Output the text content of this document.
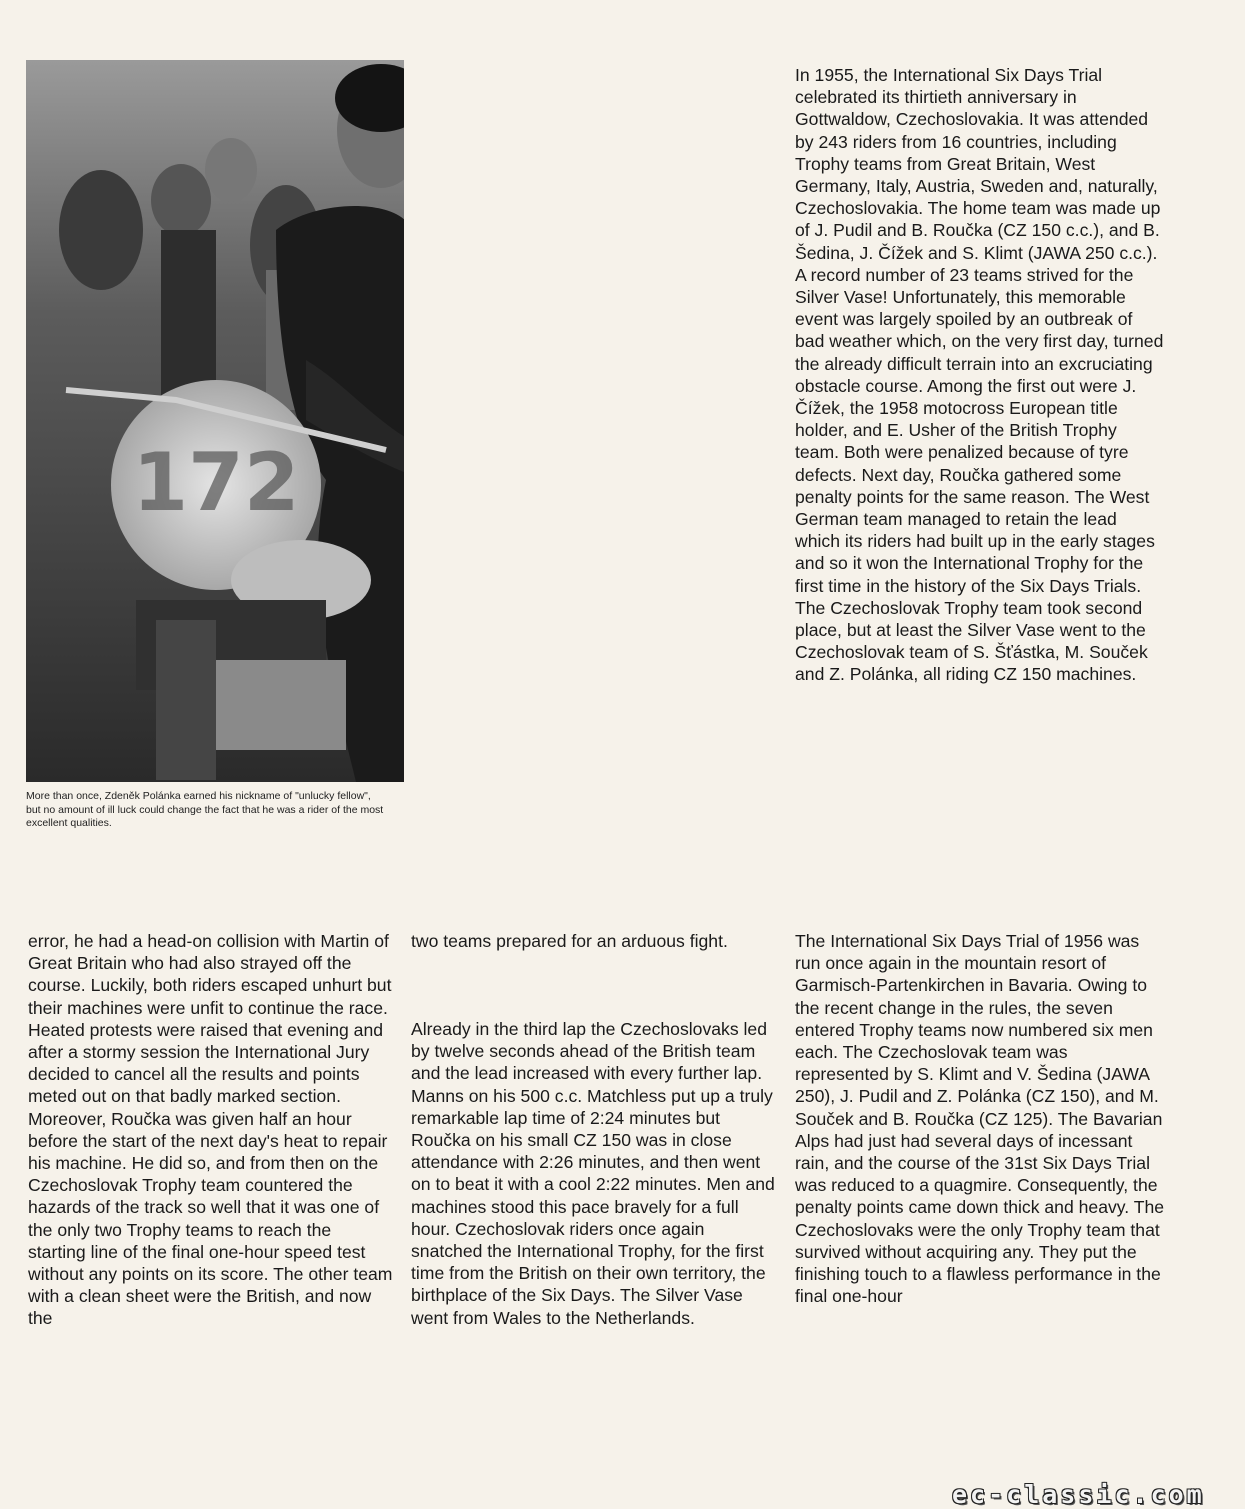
172
More than once, Zdeněk Polánka earned his nickname of "unlucky fellow", but no amount of ill luck could change the fact that he was a rider of the most excellent qualities.

In 1955, the International Six Days Trial celebrated its thirtieth anniversary in Gottwaldow, Czechoslovakia. It was attended by 243 riders from 16 countries, including Trophy teams from Great Britain, West Germany, Italy, Austria, Sweden and, naturally, Czechoslovakia. The home team was made up of J. Pudil and B. Roučka (CZ 150 c.c.), and B. Šedina, J. Čížek and S. Klimt (JAWA 250 c.c.). A record number of 23 teams strived for the Silver Vase! Unfortunately, this memorable event was largely spoiled by an outbreak of bad weather which, on the very first day, turned the already difficult terrain into an excruciating obstacle course. Among the first out were J. Čížek, the 1958 motocross European title holder, and E. Usher of the British Trophy team. Both were penalized because of tyre defects. Next day, Roučka gathered some penalty points for the same reason. The West German team managed to retain the lead which its riders had built up in the early stages and so it won the International Trophy for the first time in the history of the Six Days Trials. The Czechoslovak Trophy team took second place, but at least the Silver Vase went to the Czechoslovak team of S. Šťástka, M. Souček and Z. Polánka, all riding CZ 150 machines.

error, he had a head-on collision with Martin of Great Britain who had also strayed off the course. Luckily, both riders escaped unhurt but their machines were unfit to continue the race. Heated protests were raised that evening and after a stormy session the International Jury decided to cancel all the results and points meted out on that badly marked section. Moreover, Roučka was given half an hour before the start of the next day's heat to repair his machine. He did so, and from then on the Czechoslovak Trophy team countered the hazards of the track so well that it was one of the only two Trophy teams to reach the starting line of the final one-hour speed test without any points on its score. The other team with a clean sheet were the British, and now the

two teams prepared for an arduous fight.

Already in the third lap the Czechoslovaks led by twelve seconds ahead of the British team and the lead increased with every further lap. Manns on his 500 c.c. Matchless put up a truly remarkable lap time of 2:24 minutes but Roučka on his small CZ 150 was in close attendance with 2:26 minutes, and then went on to beat it with a cool 2:22 minutes. Men and machines stood this pace bravely for a full hour. Czechoslovak riders once again snatched the International Trophy, for the first time from the British on their own territory, the birthplace of the Six Days. The Silver Vase went from Wales to the Netherlands.

The International Six Days Trial of 1956 was run once again in the mountain resort of Garmisch-Partenkirchen in Bavaria. Owing to the recent change in the rules, the seven entered Trophy teams now numbered six men each. The Czechoslovak team was represented by S. Klimt and V. Šedina (JAWA 250), J. Pudil and Z. Polánka (CZ 150), and M. Souček and B. Roučka (CZ 125). The Bavarian Alps had just had several days of incessant rain, and the course of the 31st Six Days Trial was reduced to a quagmire. Consequently, the penalty points came down thick and heavy. The Czechoslovaks were the only Trophy team that survived without acquiring any. They put the finishing touch to a flawless performance in the final one-hour

ec-classic.com
